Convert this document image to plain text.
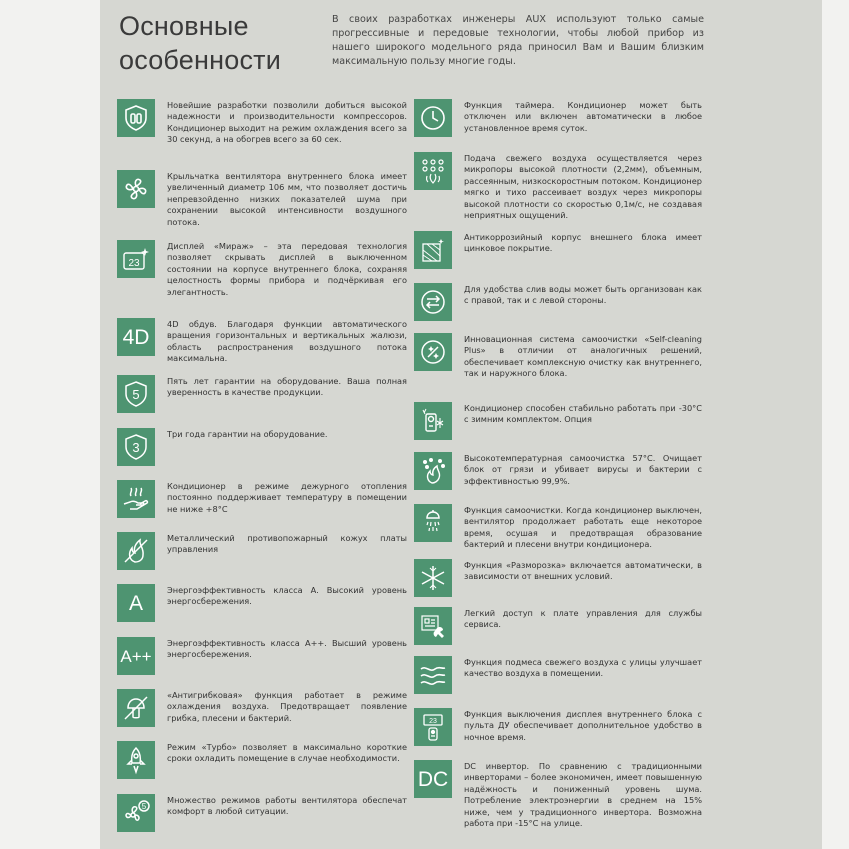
Основные
особенности
В своих разработках инженеры AUX используют только самые прогрессивные и передовые технологии, чтобы любой прибор из нашего широкого модельного ряда приносил Вам и Вашим близким максимальную пользу многие годы.
Новейшие разработки позволили добиться высокой надежности и производительности компрессоров. Кондиционер выходит на режим охлаждения всего за 30 секунд, а на обогрев всего за 60 сек.
Крыльчатка вентилятора внутреннего блока имеет увеличенный диаметр 106 мм, что позволяет достичь непревзойденно низких показателей шума при сохранении высокой интенсивности воздушного потока.
23
Дисплей «Мираж» – эта передовая технология позволяет скрывать дисплей в выключенном состоянии на корпусе внутреннего блока, сохраняя целостность формы прибора и подчёркивая его элегантность.
4D
4D обдув. Благодаря функции автоматического вращения горизонтальных и вертикальных жалюзи, область распространения воздушного потока максимальна.
5
Пять лет гарантии на оборудование. Ваша полная уверенность в качестве продукции.
3
Три года гарантии на оборудование.
Кондиционер в режиме дежурного отопления постоянно поддерживает температуру в помещении не ниже +8°С
Металлический противопожарный кожух платы управления
A
Энергоэффективность класса А. Высокий уровень энергосбережения.
A++
Энергоэффективность класса А++. Высший уровень энергосбережения.
«Антигрибковая» функция работает в режиме охлаждения воздуха. Предотвращает появление грибка, плесени и бактерий.
Режим «Турбо» позволяет в максимально короткие сроки охладить помещение в случае необходимости.
5
Множество режимов работы вентилятора обеспечат комфорт в любой ситуации.
Функция таймера. Кондиционер может быть отключен или включен автоматически в любое установленное время суток.
Подача свежего воздуха осуществляется через микропоры высокой плотности (2,2мм), объемным, рассеянным, низкоскоростным потоком. Кондиционер мягко и тихо рассеивает воздух через микропоры высокой плотности со скоростью 0,1м/с, не создавая неприятных ощущений.
Антикоррозийный корпус внешнего блока имеет цинковое покрытие.
Для удобства слив воды может быть организован как с правой, так и с левой стороны.
Инновационная система самоочистки «Self-cleaning Plus» в отличии от аналогичных решений, обеспечивает комплексную очистку как внутреннего, так и наружного блока.
Кондиционер способен стабильно работать при -30°С с зимним комплектом. Опция
Высокотемпературная самоочистка 57°С. Очищает блок от грязи и убивает вирусы и бактерии с эффективностью 99,9%.
Функция самоочистки. Когда кондиционер выключен, вентилятор продолжает работать еще некоторое время, осушая и предотвращая образование бактерий и плесени внутри кондиционера.
Функция «Разморозка» включается автоматически, в зависимости от внешних условий.
Легкий доступ к плате управления для службы сервиса.
Функция подмеса свежего воздуха с улицы улучшает качество воздуха в помещении.
23
Функция выключения дисплея внутреннего блока с пульта ДУ обеспечивает дополнительное удобство в ночное время.
DC
DC инвертор. По сравнению с традиционными инверторами – более экономичен, имеет повышенную надёжность и пониженный уровень шума. Потребление электроэнергии в среднем на 15% ниже, чем у традиционного инвертора. Возможна работа при -15°С на улице.
